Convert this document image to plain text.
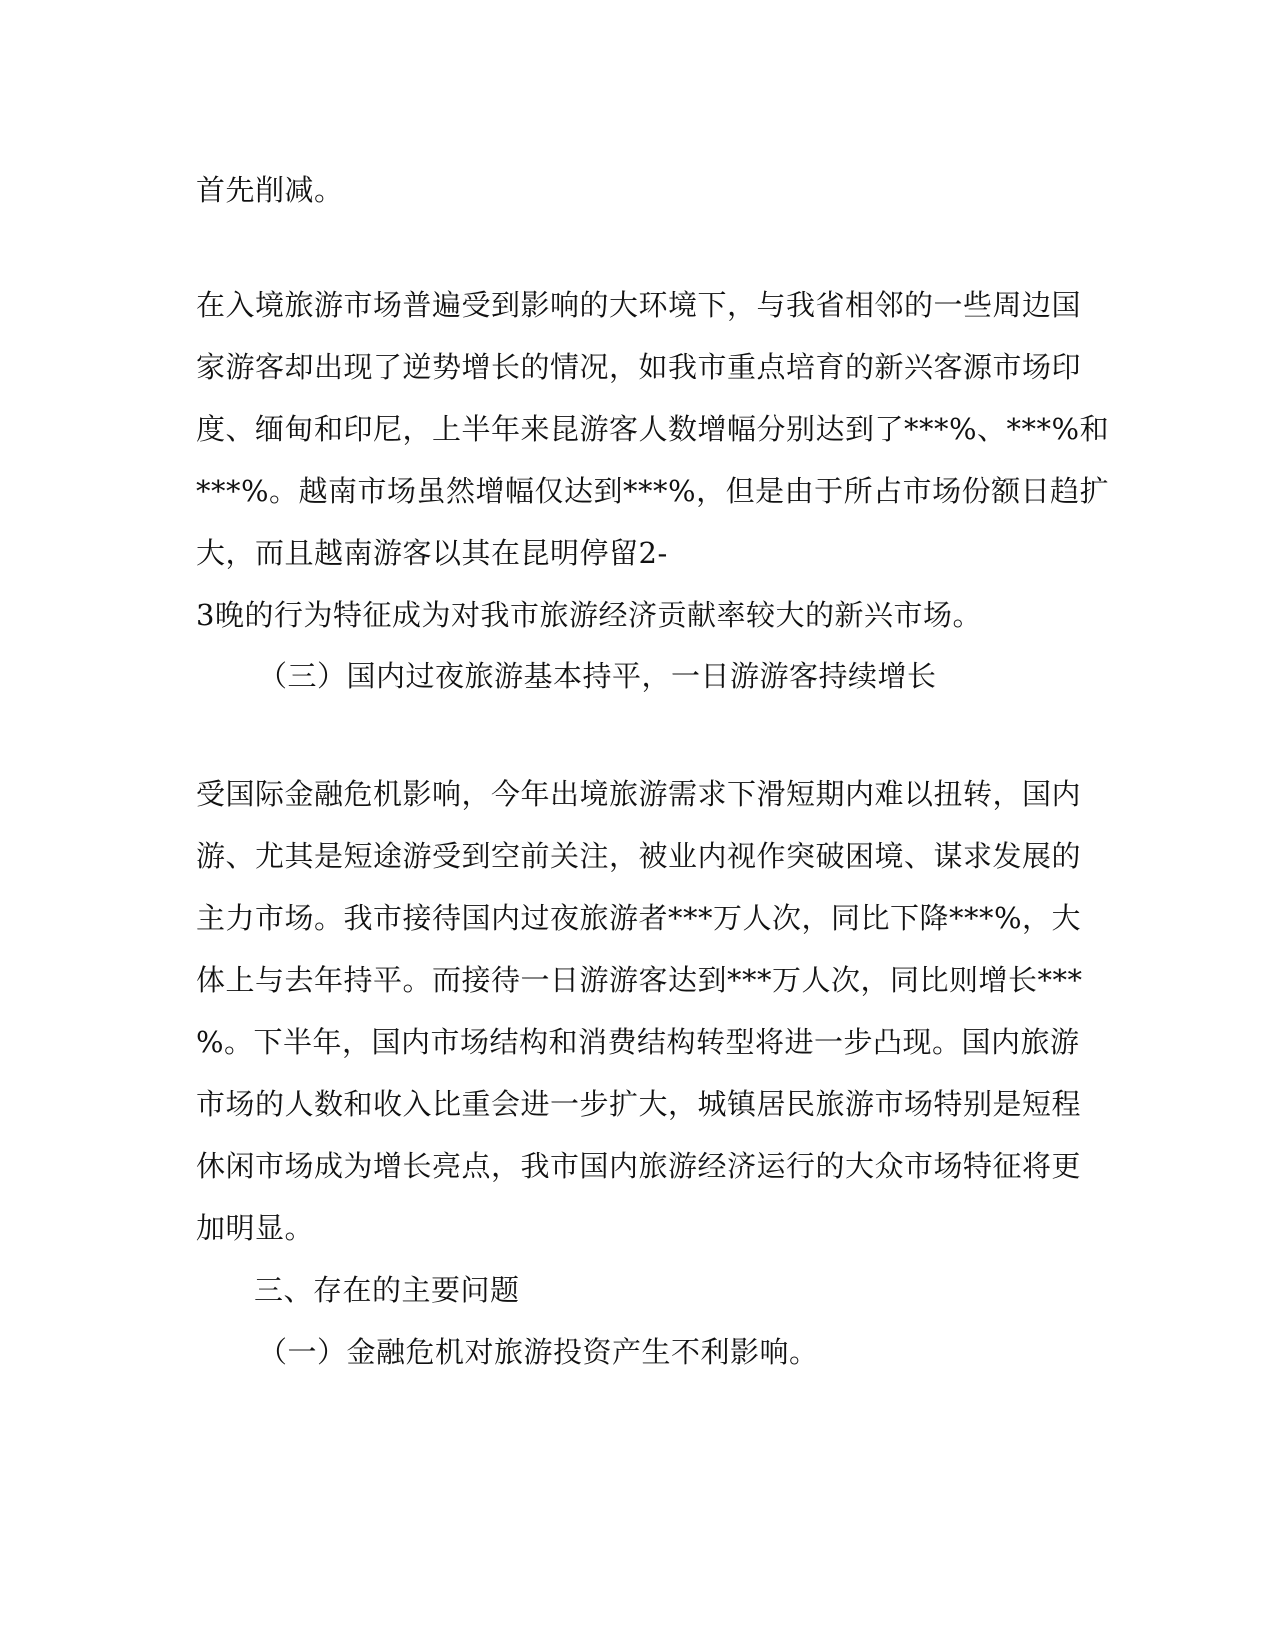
首先削减。
在入境旅游市场普遍受到影响的大环境下，与我省相邻的一些周边国
家游客却出现了逆势增长的情况，如我市重点培育的新兴客源市场印
度、缅甸和印尼，上半年来昆游客人数增幅分别达到了***%、***%和
***%。越南市场虽然增幅仅达到***%，但是由于所占市场份额日趋扩
大，而且越南游客以其在昆明停留2-
3晚的行为特征成为对我市旅游经济贡献率较大的新兴市场。
（三）国内过夜旅游基本持平，一日游游客持续增长
受国际金融危机影响，今年出境旅游需求下滑短期内难以扭转，国内
游、尤其是短途游受到空前关注，被业内视作突破困境、谋求发展的
主力市场。我市接待国内过夜旅游者***万人次，同比下降***%，大
体上与去年持平。而接待一日游游客达到***万人次，同比则增长***
%。下半年，国内市场结构和消费结构转型将进一步凸现。国内旅游
市场的人数和收入比重会进一步扩大，城镇居民旅游市场特别是短程
休闲市场成为增长亮点，我市国内旅游经济运行的大众市场特征将更
加明显。
三、存在的主要问题
（一）金融危机对旅游投资产生不利影响。
